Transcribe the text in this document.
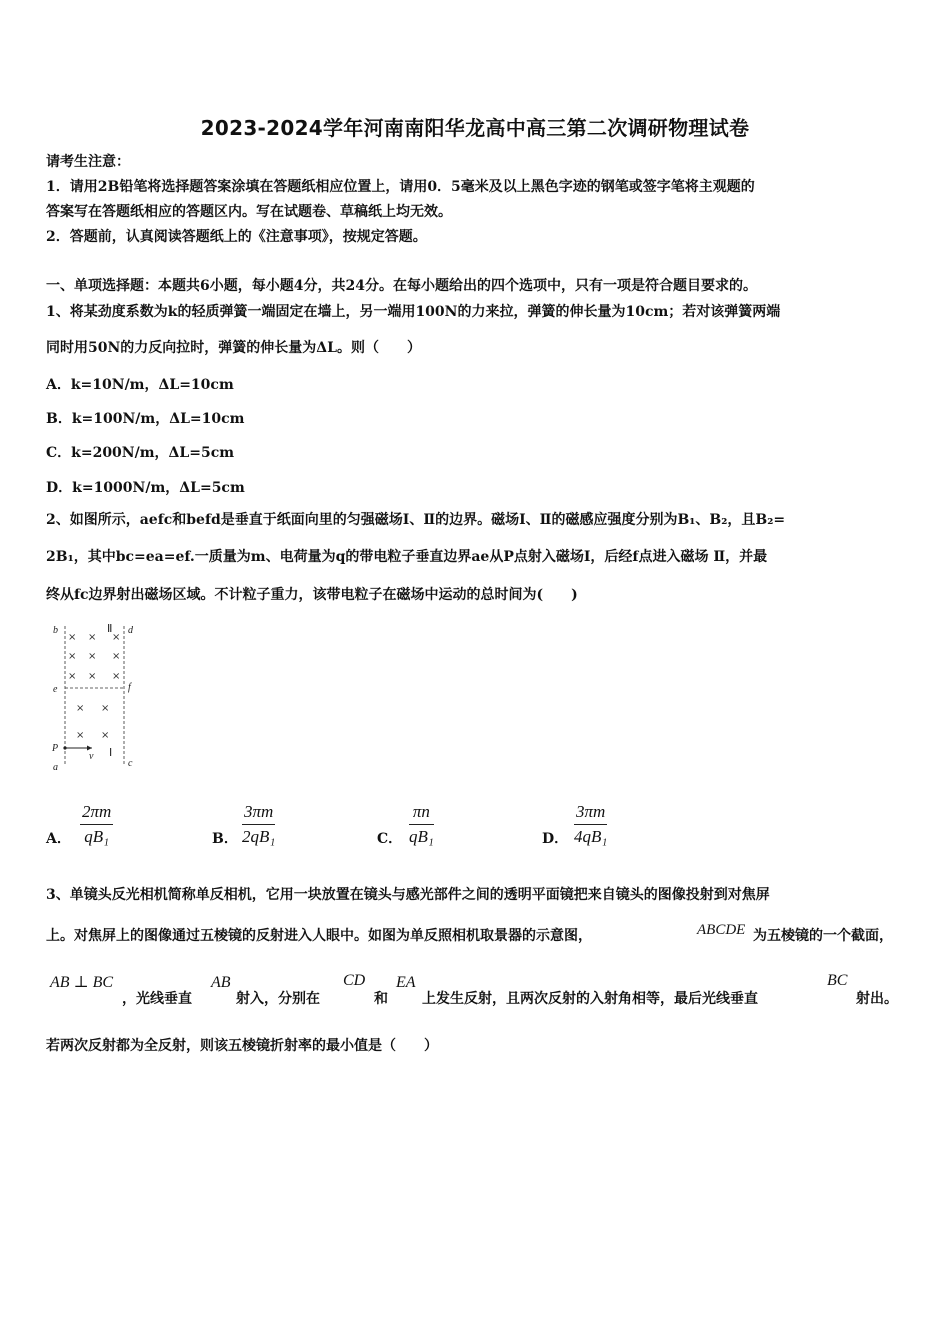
2023-2024学年河南南阳华龙高中高三第二次调研物理试卷
请考生注意：
1．请用2B铅笔将选择题答案涂填在答题纸相应位置上，请用0．5毫米及以上黑色字迹的钢笔或签字笔将主观题的
答案写在答题纸相应的答题区内。写在试题卷、草稿纸上均无效。
2．答题前，认真阅读答题纸上的《注意事项》，按规定答题。
一、单项选择题：本题共6小题，每小题4分，共24分。在每小题给出的四个选项中，只有一项是符合题目要求的。
1、将某劲度系数为k的轻质弹簧一端固定在墙上，另一端用100N的力来拉，弹簧的伸长量为10cm；若对该弹簧两端
同时用50N的力反向拉时，弹簧的伸长量为ΔL。则（　　）
A．k=10N/m，ΔL=10cm
B．k=100N/m，ΔL=10cm
C．k=200N/m，ΔL=5cm
D．k=1000N/m，ΔL=5cm
2、如图所示，aefc和befd是垂直于纸面向里的匀强磁场Ⅰ、Ⅱ的边界。磁场Ⅰ、Ⅱ的磁感应强度分别为B₁、B₂，且B₂=
2B₁，其中bc=ea=ef.一质量为m、电荷量为q的带电粒子垂直边界ae从P点射入磁场Ⅰ，后经f点进入磁场 Ⅱ，并最
终从fc边界射出磁场区域。不计粒子重力，该带电粒子在磁场中运动的总时间为(　　)
b	d
e	f
P
a	c
v
Ⅱ
Ⅰ
× × ×
× × ×
× × ×
× ×
× ×
A．
2πm
qB₁	B．
3πm
2qB₁	C．
πn
qB₁	D．
3πm
4qB₁
3、单镜头反光相机简称单反相机，它用一块放置在镜头与感光部件之间的透明平面镜把来自镜头的图像投射到对焦屏
上。对焦屏上的图像通过五棱镜的反射进入人眼中。如图为单反照相机取景器的示意图，	ABCDE 为五棱镜的一个截面，
AB ⊥ BC
，光线垂直
AB
射入，分别在
CD
和
EA
上发生反射，且两次反射的入射角相等，最后光线垂直
BC
射出。
若两次反射都为全反射，则该五棱镜折射率的最小值是（　　）
